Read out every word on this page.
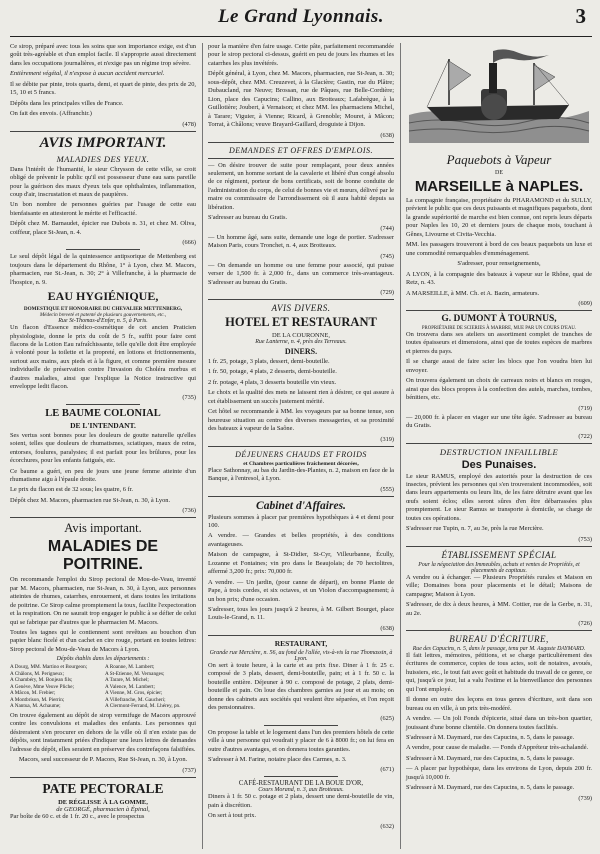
Le Grand Lyonnais.	3

Ce sirop, préparé avec tous les soins que son importance exige, est d'un goût très-agréable et d'un emploi facile. Il s'approprie aussi directement dans les occupations journalières, et n'exige pas un régime trop sévère.

Entièrement végétal, il n'expose à aucun accident mercuriel.

Il se débite par pinte, trois quarts, demi, et quart de pinte, des prix de 20, 15, 10 et 5 francs.

Dépôts dans les principales villes de France.

On fait des envois. (Affranchir.)

(478)
AVIS IMPORTANT.
MALADIES DES YEUX.

Dans l'intérêt de l'humanité, le sieur Chrysson de cette ville, se croit obligé de prévenir le public qu'il est possesseur d'une eau sans pareille pour la guérison des maux d'yeux tels que ophthalmies, inflammation, coup d'air, inscrustation et maux de paupières.

Un bon nombre de personnes guéries par l'usage de cette eau bienfaisante en attesteront le mérite et l'efficacité.

Dépôt chez M. Barnaudet, épicier rue Dubois n. 31, et chez M. Oliva, coiffeur, place St-Jean, n. 4.

(666)

Le seul dépôt légal de la quintessence antipsorique de Mettenberg est toujours dans le département du Rhône, 1° à Lyon, chez M. Macors, pharmacien, rue St.-Jean, n. 30; 2° à Villefranche, à la pharmacie de l'hospice, n. 9.

EAU HYGIÉNIQUE,
DOMESTIQUE ET HONORAIRE DU CHEVALIER METTENBERG,
Médecin breveté et patenté de plusieurs gouvernements, etc.,
Rue St-Thomas-d'Enfer, n. 5, à Paris.

Un flacon d'Essence médico-cosmétique de cet ancien Praticien physiologiste, donne le prix du coût de 5 fr., suffit pour faire cent flacons de la Lotion Eau rafraîchissante, telle qu'elle doit être employée à volonté pour la toilette et la propreté, en lotions et frictionnements, surtout aux mains, aux pieds et à la figure, et comme première mesure individuelle de préservation contre l'invasion du Choléra morbus et d'autres maladies, ainsi que l'explique la Notice instructive qui enveloppe ledit flacon.

(735)
LE BAUME COLONIAL
DE L'INTENDANT.

Ses vertus sont bonnes pour les douleurs de goutte naturelle qu'elles soient, telles que douleurs de rhumatismes, sciatiques, maux de reins, entorses, foulures, paralysies; il est parfait pour les brûlures, pour les écorchures, pour les enfants fatigués, etc.

Ce baume a guéri, en peu de jours une jeune femme atteinte d'un rhumatisme aigu à l'épaule droite.

Le prix du flacon est de 32 sous; les quatre, 6 fr.

Dépôt chez M. Macors, pharmacien rue St-Jean, n. 30, à Lyon.

(736)
Avis important.
MALADIES DE POITRINE.

On recommande l'emploi du Sirop pectoral de Mou-de-Veau, inventé par M. Macors, pharmacien, rue St-Jean, n. 30, à Lyon, aux personnes atteintes de rhumes, catarrhes, enrouement, et dans toutes les irritations de poitrine. Ce Sirop calme promptement la toux, facilite l'expectoration et la respiration. On ne saurait trop engager le public à se défier de celui qui se fabrique par d'autres que le pharmacien M. Macors.

Toutes les tagnes qui le contiennent sont revêtues au bouchon d'un papier blanc ficelé et d'un cachet en cire rouge, portant en toutes lettres: Sirop pectoral de Mou-de-Veau de Macors à Lyon.

Dépôts établis dans les départements :
A Dourg, MM. Martino et Bourgeon;	A Roanne, M. Lambert;
A Châlons, M. Perigneux;	A St-Etienne, M. Vernanges;
A Chambéry, M. Bonjean fils;	A Tarare, M. Michel;
A Genève, Mme Veuve Pliche;	A Valence, M. Lambert;
A Mâcon, M. Frebier;	A Vienne, M. Gros, épicier;
A Montbrison, M. Pierrin;	A Villefranche, M. Gaucheri;
A Nantua, M. Achaume;	A Clermont-Ferrand, M. Lhérey, pn.

On trouve également au dépôt de sirop vermifuge de Macors approuvé contre les convulsions et maladies des enfants. Les personnes qui désireraient s'en procurer en dehors de la ville où il n'en existe pas de dépôts, sont instamment priées d'indiquer une leurs lettres de demandes l'adresse du dépôt, elles seraient en préserver des contrefaçons falsifiées.

Macors, seul successeur de P. Macors, Rue St-Jean, n. 30, à Lyon.

(737)
PATE PECTORALE
DE RÉGLISSE À LA GOMME,
de GEORGÉ, pharmacien à Épinal,

Par boîte de 60 c. et de 1 fr. 20 c., avec le prospectus

pour la manière d'en faire usage. Cette pâte, parfaitement recommandée pour le sirop pectoral ci-dessus, guérit en peu de jours les rhumes et les catarrhes les plus invétérés.

Dépôt général, à Lyon, chez M. Macors, pharmacien, rue St-Jean, n. 30; sous-dépôt, chez MM. Creuzevet, à la Glacière; Gastin, rue du Plâtre; Dubaucland, rue Neuve; Brossan, rue de Pâques, rue Belle-Cordière; Lion, place des Capucins; Callino, aux Brotteaux; Lafabrègue, à la Guillotière; Joubert, à Vernaison; et chez MM. les pharmaciens Michel, à Tarare; Viguier, à Vienne; Ricard, à Grenoble; Mouret, à Mâcon; Torrat, à Châlons; veuve Brayard-Gaillard, droguiste à Dijon.

(638)
DEMANDES ET OFFRES D'EMPLOIS.

— On désire trouver de suite pour remplaçant, pour deux années seulement, un homme sortant de la cavalerie et libéré d'un congé absolu de ce régiment, porteur de bons certificats, soit de bonne conduite de l'administration du corps, de celui de bonnes vie et mœurs, délivré par le maire ou commissaire de l'arrondissement où il aura habité depuis sa libération.

S'adresser au bureau du Gratis.

(744)

— Un homme âgé, sans suite, demande une loge de portier. S'adresser Maison Paris, cours Tronchet, n. 4, aux Brotteaux.

(745)

— On demande un homme ou une femme pour associé, qui puisse verser de 1,500 fr. à 2,000 fr., dans un commerce très-avantageux. S'adresser au bureau du Gratis.

(729)
AVIS DIVERS.
HOTEL ET RESTAURANT
DE LA COURONNE,
Rue Lanterne, n. 4, près des Terreaux.
DINERS.

1 fr. 25, potage, 3 plats, dessert, demi-bouteille.

1 fr. 50, potage, 4 plats, 2 desserts, demi-bouteille.

2 fr. potage, 4 plats, 3 desserts bouteille vin vieux.

Le choix et la qualité des mets ne laissent rien à désirer, ce qui assure à cet établissement un succès justement mérité.

Cet hôtel se recommande à MM. les voyageurs par sa bonne tenue, son heureuse situation au centre des diverses messageries, et sa proximité des bateaux à vapeur de la Saône.

(319)
DÉJEUNERS CHAUDS ET FROIDS
et Chambres particulières fraîchement décorées,

Place Sathonnay, au bas du Jardin-des-Plantes, n. 2, maison en face de la Banque, à l'entresol, à Lyon.

(555)
Cabinet d'Affaires.

Plusieurs sommes à placer par premières hypothèques à 4 et demi pour 100.

A vendre. — Grandes et belles propriétés, à des conditions avantageuses.

Maison de campagne, à St-Didier, St-Cyr, Villeurbanne, Écully, Lozanne et Fontaines; vin pro dans le Beaujolais; de 70 hectolitres, affermé 3,200 fr.; prix: 70,000 fr.

A vendre. — Un jardin, (pour canne de départ), en bonne Plante de Pape, à trois cordes, et six octaves, et un Violon d'accompagnement; à un bon prix; d'une occasion.

S'adresser, tous les jours jusqu'à 2 heures, à M. Gilbert Bourget, place Louis-le-Grand, n. 11.

(638)
RESTAURANT,
Grande rue Mercière, n. 56, au fond de l'allée, vis-à-vis la rue Thomassin, à Lyon.

On sert à toute heure, à la carte et au prix fixe. Diner à 1 fr. 25 c. composé de 3 plats, dessert, demi-bouteille, pain; et à 1 fr. 50 c. la bouteille entière. Déjeuner à 90 c. composé de potage, 2 plats, demi-bouteille et pain. On loue des chambres garnies au jour et au mois; on donne des cabinets aux sociétés qui veulent être séparées, et l'on reçoit des pensionnaires.

(625)

On propose la table et le logement dans l'un des premiers hôtels de cette ville à une personne qui voudrait y placer de 6 à 8000 fr.; on lui fera en outre d'autres avantages, et on donnera toutes garanties.

S'adresser à M. Farine, notaire place des Carmes, n. 3.

(671)
CAFÉ-RESTAURANT DE LA BOUE D'OR,
Cours Morand, n. 3, aux Brotteaux.

Diners à 1 fr. 50 c. potage et 2 plats, dessert une demi-bouteille de vin, pain à discrétion.

On sert à tout prix.

(632)
Paquebots à Vapeur
DE
MARSEILLE à NAPLES.

La compagnie française, propriétaire du PHARAMOND et du SULLY, prévient le public que ces deux puissants et magnifiques paquebots, dont la grande supériorité de marche est bien connue, ont repris leurs départs pour Naples les 10, 20 et derniers jours de chaque mois, touchant à Gênes, Livourne et Civita-Vecchia.

MM. les passagers trouveront à bord de ces beaux paquebots un luxe et une commodité remarquables d'emménagement.

S'adresser, pour renseignements,

A LYON, à la compagnie des bateaux à vapeur sur le Rhône, quai de Retz, n. 43.

A MARSEILLE, à MM. Ch. et A. Bazin, armateurs.

(609)
G. DUMONT À TOURNUS,
PROPRIÉTAIRE DE SCIERIES À MARBRE, MUE PAR UN COURS D'EAU.

On trouvera dans ses ateliers un assortiment complet de tranches de toutes épaisseurs et dimensions, ainsi que de toutes espèces de marbres et pierres du pays.

Il se charge aussi de faire scier les blocs que l'on voudra bien lui envoyer.

On trouvera également un choix de carreaux noirs et blancs en rouges, ainsi que des blocs propres à la confection des autels, marches, tombes, bénitiers, etc.

(719)

— 20,000 fr. à placer en viager sur une tête âgée. S'adresser au bureau du Gratis.

(722)
DESTRUCTION INFAILLIBLE
Des Punaises.

Le sieur RAMUS, employé des autorités pour la destruction de ces insectes, prévient les personnes qui s'en trouveraient incommodées, soit dans leurs appartements ou leurs lits, de les faire détruire avant que les œufs soient éclos; elles seront sûres d'en être débarrassées plus promptement. Le sieur Ramus se transporte à domicile, se charge de toutes ces opérations.

S'adresser rue Tupin, n. 7, au 3e, près la rue Mercière.

(753)
ÉTABLISSEMENT SPÉCIAL
Pour la négociation des Immeubles, achats et ventes de Propriétés, et placements de capitaux.

A vendre ou à échanger. — Plusieurs Propriétés rurales et Maison en ville; Domaines bons pour placements et le détail; Maisons de campagne; Maison à Lyon.

S'adresser, de dix à deux heures, à MM. Cottier, rue de la Gerbe, n. 31, au 2e.

(726)
BUREAU D'ÉCRITURE,
Rue des Capucins, n. 5, dans le passage, tenu par M. Auguste DAYMARD.

Il fait lettres, mémoires, pétitions, et se charge particulièrement des écritures de commerce, copies de tous actes, soit de notaires, avoués, huissiers, etc., le tout fait avec goût et habitude du travail de ce genre, ce qui, jusqu'à ce jour, lui a valu l'estime et la bienveillance des personnes qui l'ont employé.

Il donne en outre des leçons en tous genres d'écriture, soit dans son bureau ou en ville, à un prix très-modéré.

A vendre. — Un joli Fonds d'épicerie, situé dans un très-bon quartier, jouissant d'une bonne clientèle. On donnera toutes facilités.

S'adresser à M. Daymard, rue des Capucins, n. 5, dans le passage.

A vendre, pour cause de maladie. — Fonds d'Appréteur très-achalandé.

S'adresser à M. Daymard, rue des Capucins, n. 5, dans le passage.

— A placer par hypothèque, dans les environs de Lyon, depuis 200 fr. jusqu'à 10,000 fr.

S'adresser à M. Daymard, rue des Capucins, n. 5, dans le passage.

(739)
